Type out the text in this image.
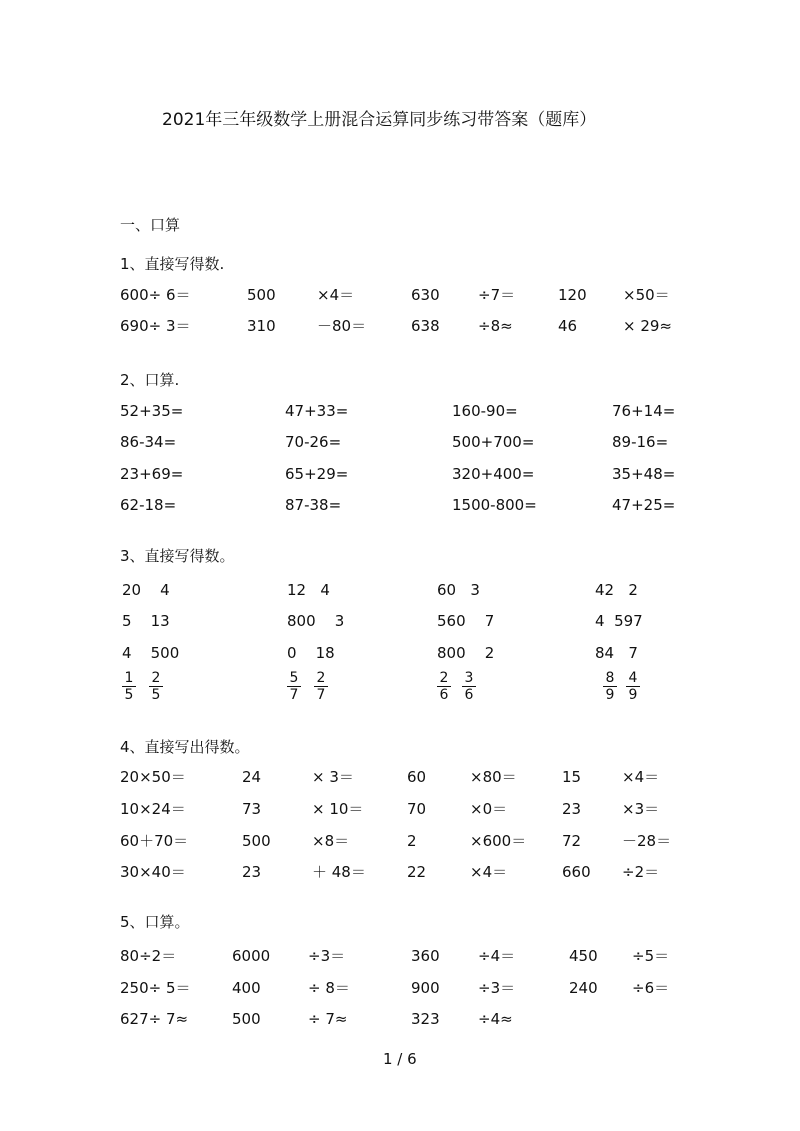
2021年三年级数学上册混合运算同步练习带答案（题库）
一、口算
1、直接写得数.
600÷ 6＝	500	×4＝	630	÷7＝	120 ×50＝
690÷ 3＝	310	－80＝	638	÷8≈	46	× 29≈
2、口算.
52+35=	47+33=	160-90=	76+14=
86-34=	70-26=	500+700=	89-16=
23+69=	65+29=	320+400=	35+48=
62-18=	87-38=	1500-800=	47+25=
3、直接写得数。
20    4	12   4	60   3	42   2
5    13	800    3	560    7	4  597
4    500	0    18	800    2	84   7
$\frac{1}{5} \frac{2}{5}$	$\frac{5}{7} \frac{2}{7}$	$\frac{2}{6} \frac{3}{6}$	$\frac{8}{9} \frac{4}{9}$
4、直接写出得数。
20×50＝	24	× 3＝	60	×80＝	15	×4＝
10×24＝	73	× 10＝	70	×0＝	23	×3＝
60＋70＝	500	×8＝	2	×600＝ 72	－28＝
30×40＝	23	＋ 48＝	22	×4＝	660 ÷2＝
5、口算。
80÷2＝	6000	÷3＝	360	÷4＝	450 ÷5＝
250÷ 5＝	400	÷ 8＝	900	÷3＝	240 ÷6＝
627÷ 7≈	500	÷ 7≈	323	÷4≈
1 / 6
